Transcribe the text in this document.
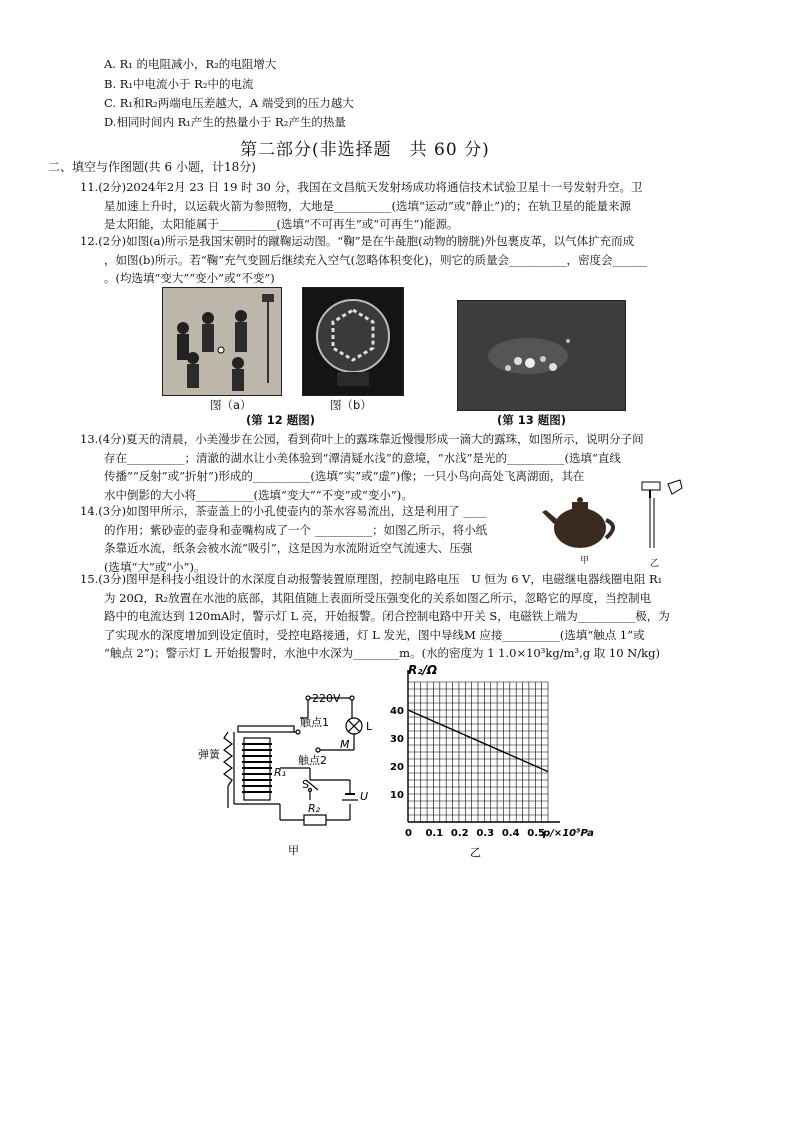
A. R₁ 的电阻减小，R₂的电阻增大
B. R₁中电流小于 R₂中的电流
C. R₁和R₂两端电压差越大，A 端受到的压力越大
D.相同时间内 R₁产生的热量小于 R₂产生的热量
第二部分(非选择题　共 60 分)
二、填空与作图题(共 6 小题，计18分)
11.(2分)2024年2月 23 日 19 时 30 分，我国在文昌航天发射场成功将通信技术试验卫星十一号发射升空。卫
星加速上升时，以运载火箭为参照物，大地是__________(选填“运动”或“静止”)的；在轨卫星的能量来源
是太阳能，太阳能属于__________(选填“不可再生”或“可再生”)能源。
12.(2分)如图(a)所示是我国宋朝时的蹴鞠运动图。“鞠”是在牛彘胞(动物的膀胱)外包裹皮革，以气体扩充而成
，如图(b)所示。若“鞠”充气变圆后继续充入空气(忽略体积变化)，则它的质量会__________，密度会______
。(均选填“变大”“变小”或“不变”)
图（a）	图（b）
(第 12 题图)	(第 13 题图)
13.(4分)夏天的清晨，小美漫步在公园，看到荷叶上的露珠靠近慢慢形成一滴大的露珠，如图所示，说明分子间
存在__________；清澈的湖水让小美体验到“潭清疑水浅”的意境，“水浅”是光的__________(选填“直线
传播”“反射”或“折射”)形成的__________(选填“实”或“虚”)像；一只小鸟向高处飞离湖面，其在
水中倒影的大小将__________(选填“变大”“不变”或“变小”)。
14.(3分)如图甲所示，茶壶盖上的小孔使壶内的茶水容易流出，这是利用了 ____
的作用；紫砂壶的壶身和壶嘴构成了一个 __________；如图乙所示，将小纸
条靠近水流，纸条会被水流“吸引”，这是因为水流附近空气流速大、压强
(选填“大”或“小”)。	甲	乙
15.(3分)图甲是科技小组设计的水深度自动报警装置原理图，控制电路电压　U 恒为 6 V，电磁继电器线圈电阻 R₁
为 20Ω，R₂放置在水池的底部，其阻值随上表面所受压强变化的关系如图乙所示，忽略它的厚度，当控制电
路中的电流达到 120mA时，警示灯 L 亮，开始报警。闭合控制电路中开关 S，电磁铁上端为__________极，为
了实现水的深度增加到设定值时，受控电路接通，灯 L 发光，图中导线M 应接__________(选填“触点 1”或
“触点 2”)；警示灯 L 开始报警时，水池中水深为________m。(水的密度为 1 1.0×10³kg/m³,g 取 10 N/kg)
220V
触点1
触点2
L
M
弹簧
R₁
R₂
S
U
甲
R₂/Ω
p/×10⁵Pa
乙
0 0.1 0.2 0.3 0.4 0.5
10
20
30
40
